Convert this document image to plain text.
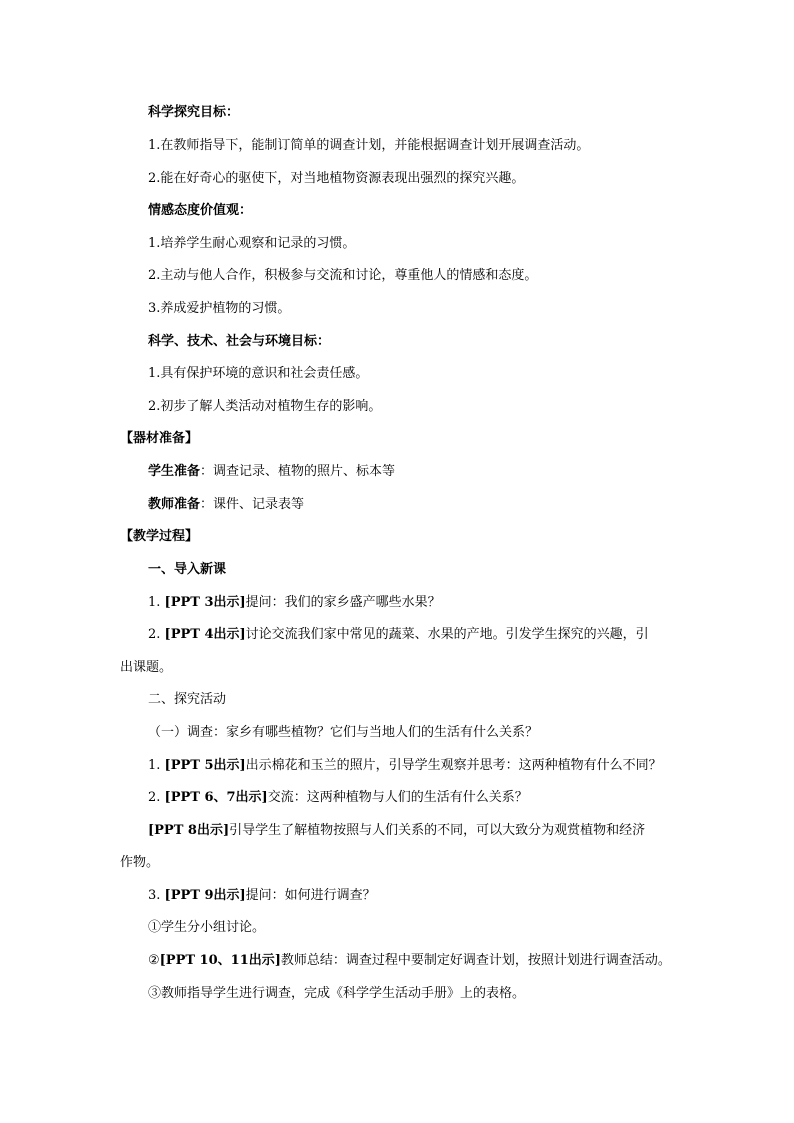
科学探究目标：

1.在教师指导下，能制订简单的调查计划，并能根据调查计划开展调查活动。

2.能在好奇心的驱使下，对当地植物资源表现出强烈的探究兴趣。

情感态度价值观：

1.培养学生耐心观察和记录的习惯。

2.主动与他人合作，积极参与交流和讨论，尊重他人的情感和态度。

3.养成爱护植物的习惯。

科学、技术、社会与环境目标：

1.具有保护环境的意识和社会责任感。

2.初步了解人类活动对植物生存的影响。

【器材准备】

学生准备：调查记录、植物的照片、标本等

教师准备：课件、记录表等

【教学过程】

一、导入新课

1. [PPT 3出示]提问：我们的家乡盛产哪些水果？

2. [PPT 4出示]讨论交流我们家中常见的蔬菜、水果的产地。引发学生探究的兴趣，引

出课题。

二、探究活动

（一）调查：家乡有哪些植物？它们与当地人们的生活有什么关系？

1. [PPT 5出示]出示棉花和玉兰的照片，引导学生观察并思考：这两种植物有什么不同？

2. [PPT 6、7出示]交流：这两种植物与人们的生活有什么关系？

[PPT 8出示]引导学生了解植物按照与人们关系的不同，可以大致分为观赏植物和经济

作物。

3. [PPT 9出示]提问：如何进行调查？

①学生分小组讨论。

②[PPT 10、11出示]教师总结：调查过程中要制定好调查计划，按照计划进行调查活动。

③教师指导学生进行调查，完成《科学学生活动手册》上的表格。
